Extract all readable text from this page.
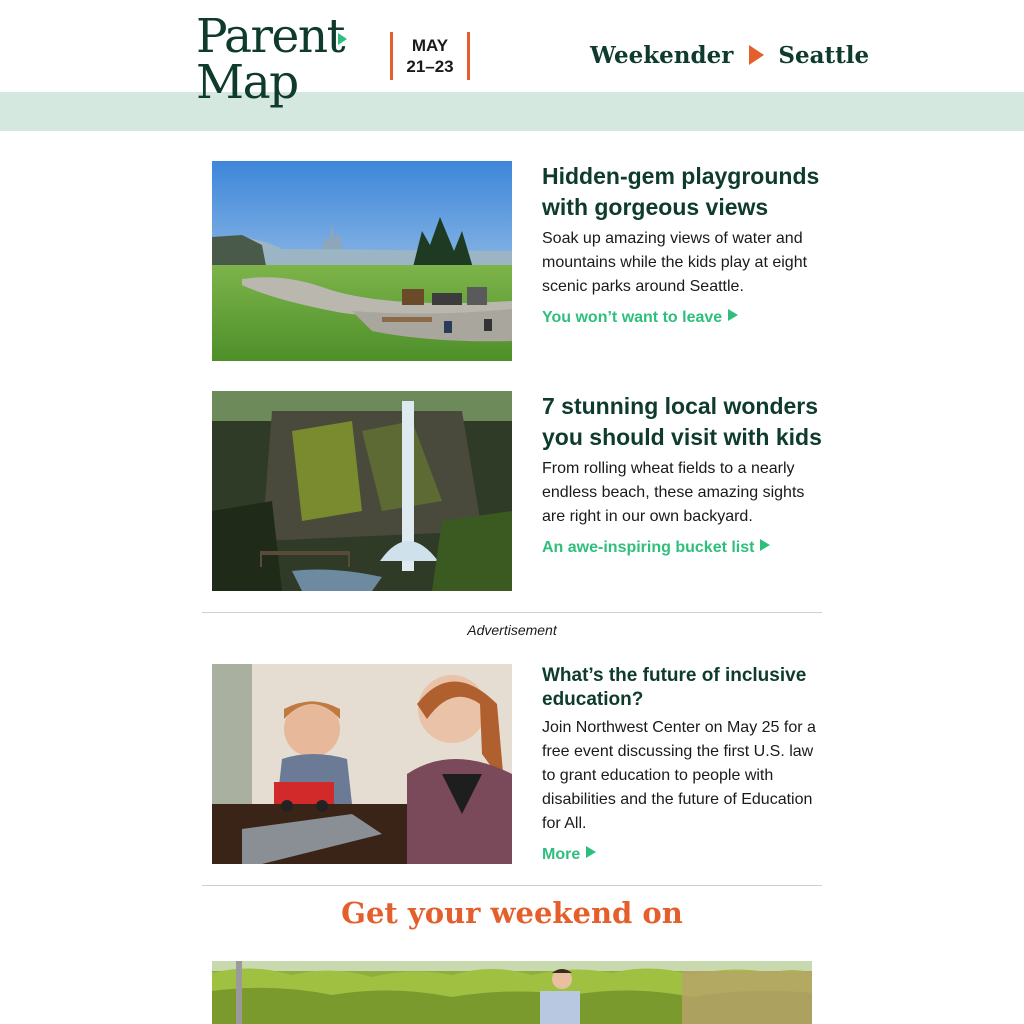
Parent
Map
MAY
21–23	Weekender Seattle
Hidden-gem playgrounds with gorgeous views

Soak up amazing views of water and mountains while the kids play at eight scenic parks around Seattle.

You won’t want to leave
7 stunning local wonders you should visit with kids

From rolling wheat fields to a nearly endless beach, these amazing sights are right in our own backyard.

An awe-inspiring bucket list
Advertisement
What’s the future of inclusive education?

Join Northwest Center on May 25 for a free event discussing the first U.S. law to grant education to people with disabilities and the future of Education for All.

More
Get your weekend on
